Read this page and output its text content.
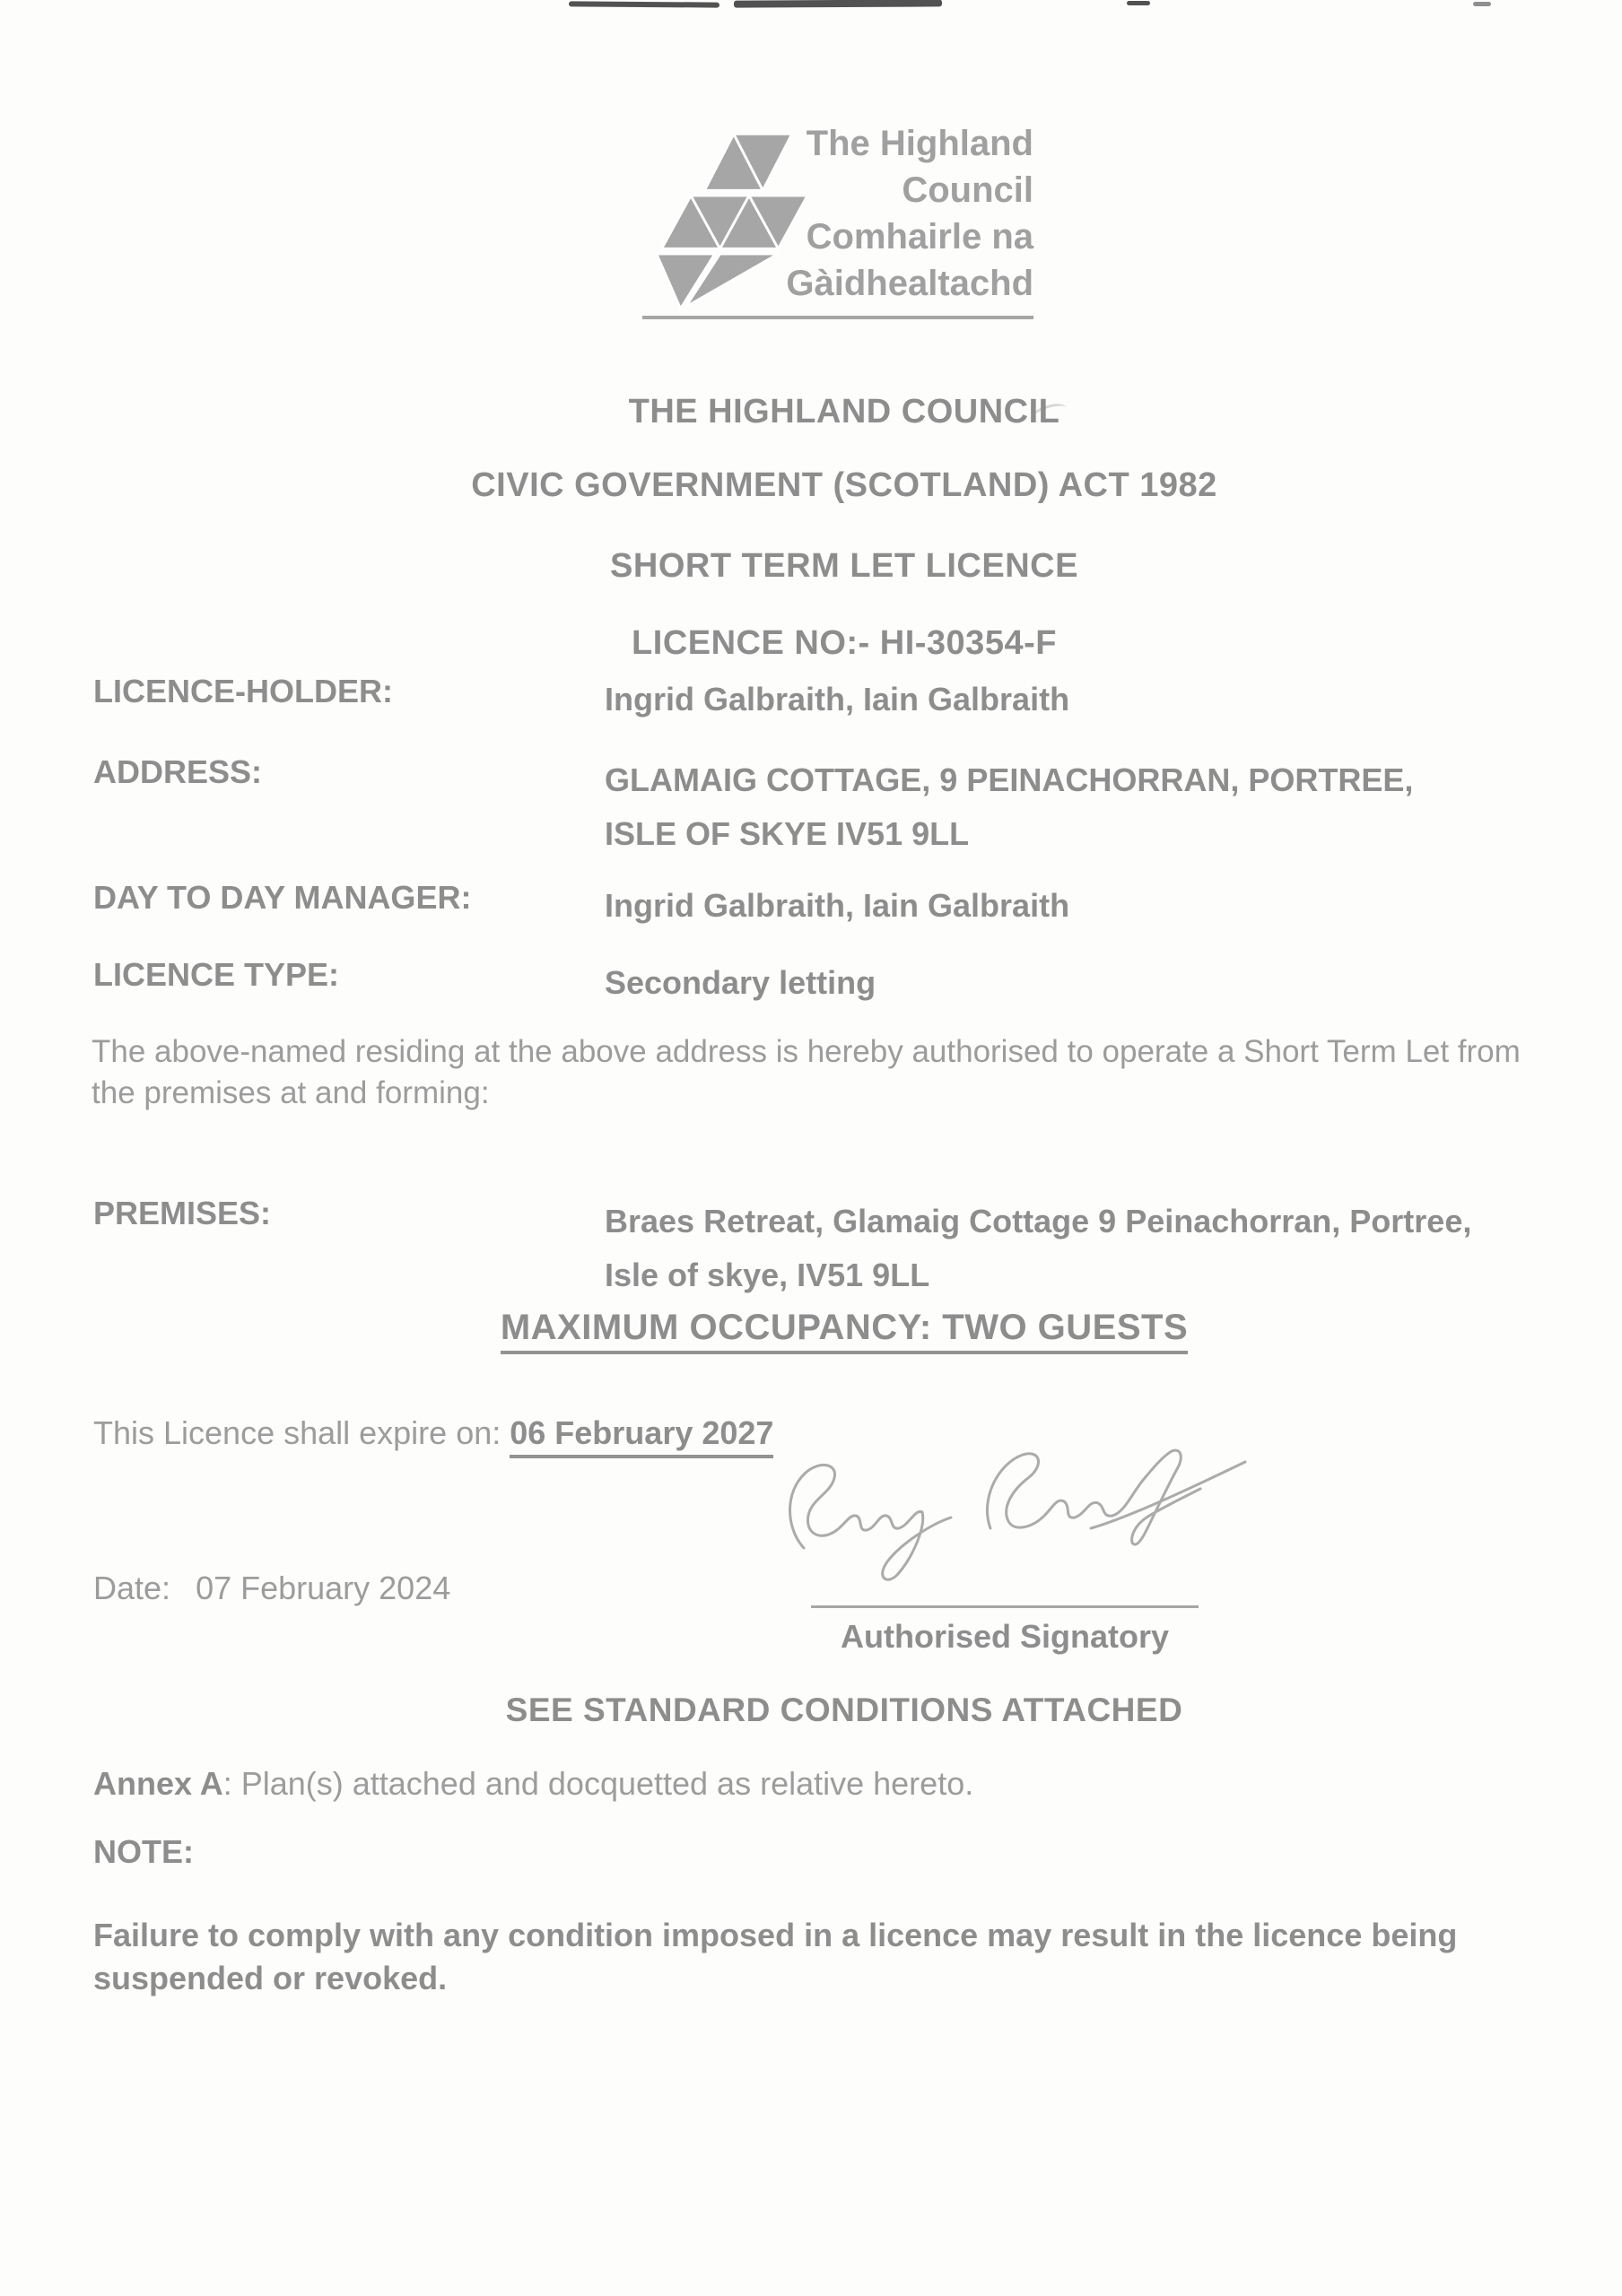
The Highland
Council
Comhairle na
Gàidhealtachd
THE HIGHLAND COUNCIL
CIVIC GOVERNMENT (SCOTLAND) ACT 1982
SHORT TERM LET LICENCE
LICENCE NO:- HI-30354-F
LICENCE-HOLDER:	Ingrid Galbraith, Iain Galbraith
ADDRESS:	GLAMAIG COTTAGE, 9 PEINACHORRAN, PORTREE,
ISLE OF SKYE IV51 9LL
DAY TO DAY MANAGER:	Ingrid Galbraith, Iain Galbraith
LICENCE TYPE:	Secondary letting
The above-named residing at the above address is hereby authorised to operate a Short Term Let from the premises at and forming:
PREMISES:	Braes Retreat, Glamaig Cottage 9 Peinachorran, Portree,
Isle of skye, IV51 9LL
MAXIMUM OCCUPANCY: TWO GUESTS
This Licence shall expire on: 06 February 2027
Date: 07 February 2024
Authorised Signatory
SEE STANDARD CONDITIONS ATTACHED
Annex A: Plan(s) attached and docquetted as relative hereto.
NOTE:
Failure to comply with any condition imposed in a licence may result in the licence being suspended or revoked.
